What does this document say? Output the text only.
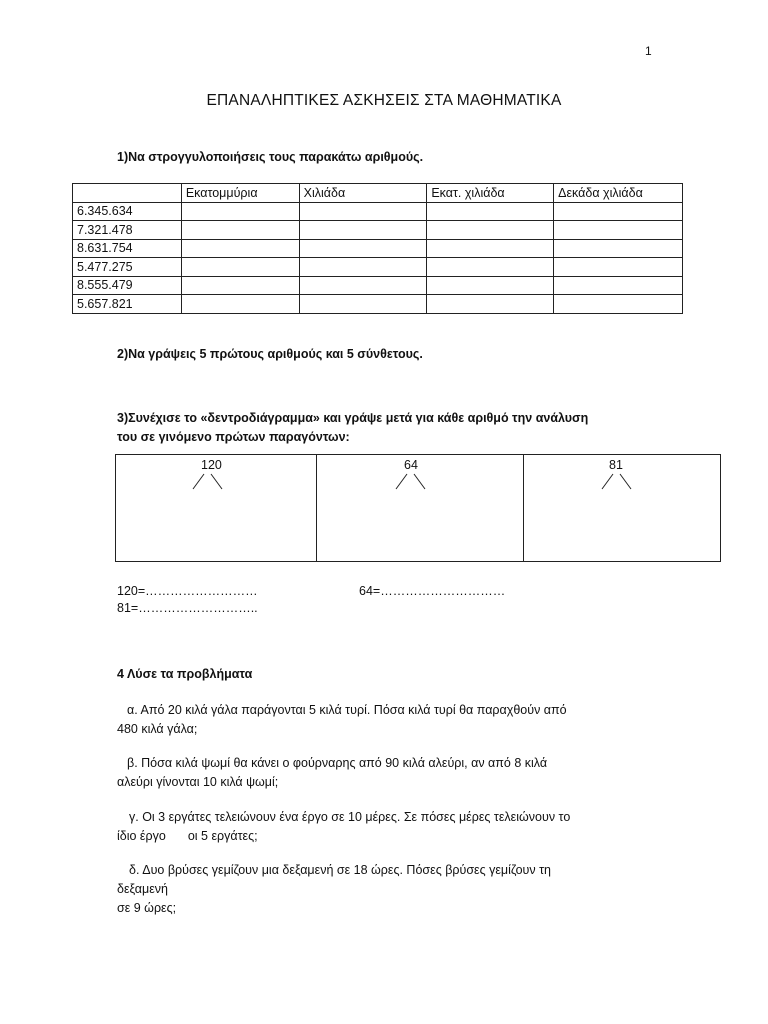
1
ΕΠΑΝΑΛΗΠΤΙΚΕΣ ΑΣΚΗΣΕΙΣ ΣΤΑ ΜΑΘΗΜΑΤΙΚΑ
1)Να στρογγυλοποιήσεις τους παρακάτω αριθμούς.
	Εκατομμύρια	Χιλιάδα	Εκατ. χιλιάδα	Δεκάδα χιλιάδα
6.345.634				
7.321.478				
8.631.754				
5.477.275				
8.555.479				
5.657.821				
2)Να γράψεις 5 πρώτους αριθμούς και 5 σύνθετους.
3)Συνέχισε το «δεντροδιάγραμμα» και γράψε μετά για κάθε αριθμό την ανάλυση
του σε γινόμενο πρώτων παραγόντων:
120	64	81
120=………………………	64=…………………………
81=………………………..
4 Λύσε τα προβλήματα
α. Από 20 κιλά γάλα παράγονται 5 κιλά τυρί. Πόσα κιλά τυρί θα παραχθούν από
480 κιλά γάλα;
β. Πόσα κιλά ψωμί θα κάνει ο φούρναρης από 90 κιλά αλεύρι, αν από 8 κιλά
αλεύρι γίνονται 10 κιλά ψωμί;
γ. Οι 3 εργάτες τελειώνουν ένα έργο σε 10 μέρες. Σε πόσες μέρες τελειώνουν το
ίδιο έργο οι 5 εργάτες;
δ. Δυο βρύσες γεμίζουν μια δεξαμενή σε 18 ώρες. Πόσες βρύσες γεμίζουν τη
δεξαμενή
σε 9 ώρες;
